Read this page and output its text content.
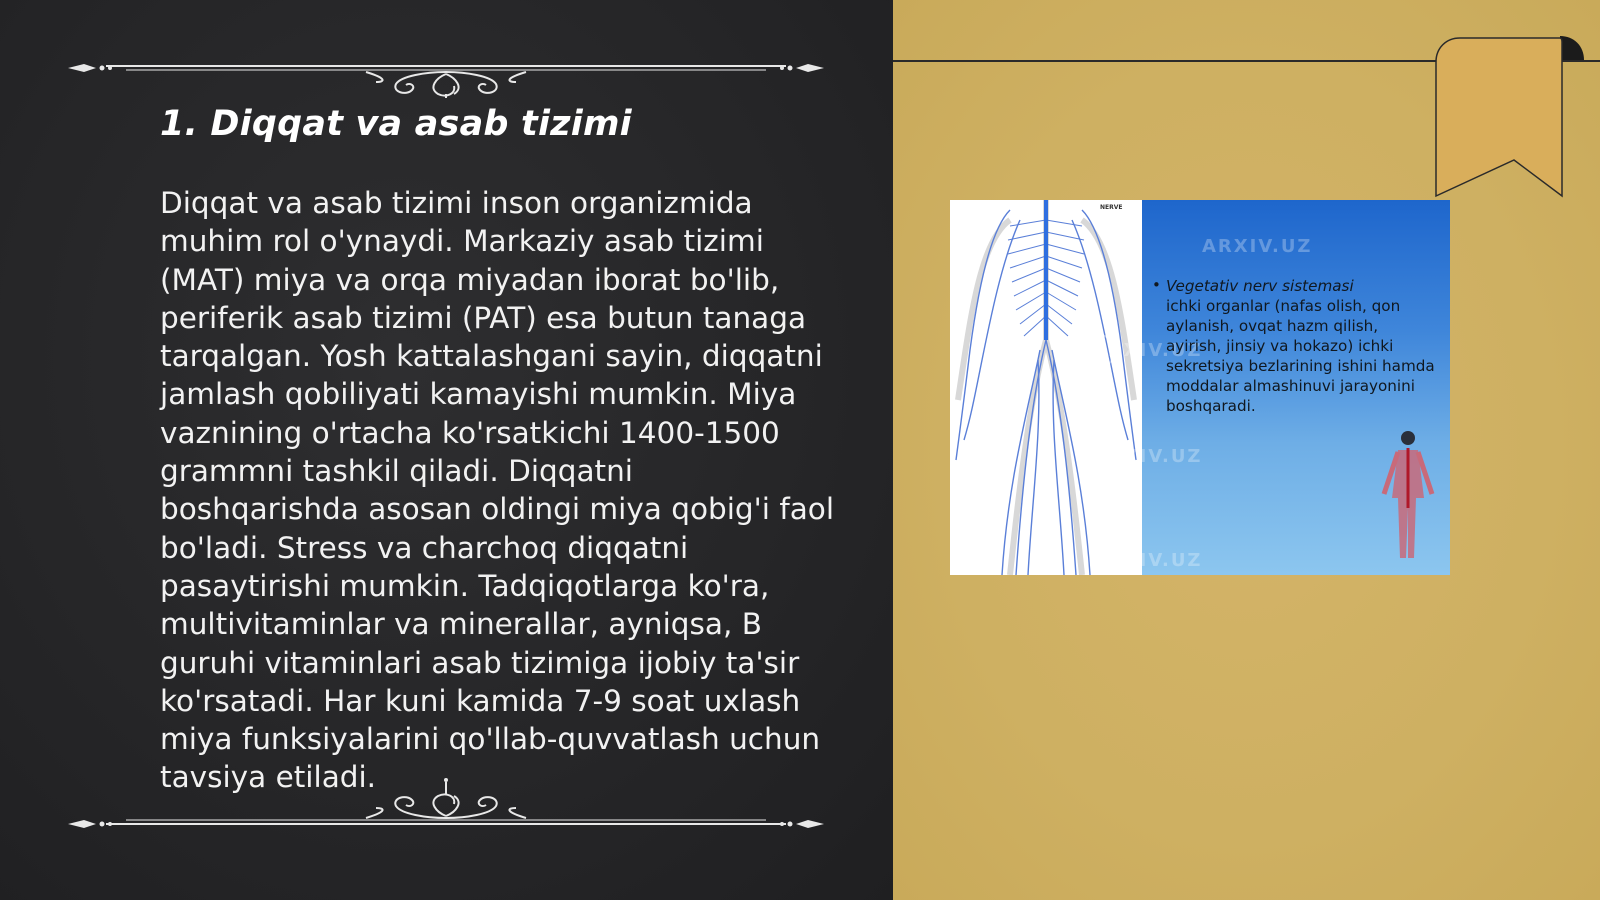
1. Diqqat va asab tizimi

Diqqat va asab tizimi inson organizmida muhim rol o'ynaydi. Markaziy asab tizimi (MAT) miya va orqa miyadan iborat bo'lib, periferik asab tizimi (PAT) esa butun tanaga tarqalgan. Yosh kattalashgani sayin, diqqatni jamlash qobiliyati kamayishi mumkin. Miya vaznining o'rtacha ko'rsatkichi 1400-1500 grammni tashkil qiladi. Diqqatni boshqarishda asosan oldingi miya qobig'i faol bo'ladi. Stress va charchoq diqqatni pasaytirishi mumkin. Tadqiqotlarga ko'ra, multivitaminlar va minerallar, ayniqsa, B guruhi vitaminlari asab tizimiga ijobiy ta'sir ko'rsatadi. Har kuni kamida 7-9 soat uxlash miya funksiyalarini qo'llab-quvvatlash uchun tavsiya etiladi.

NERVE
ARXIV.UZ
ARXIV.UZ
ARXIV.UZ
ARXIV.UZ
• Vegetativ nerv sistemasi
ichki organlar (nafas olish, qon aylanish, ovqat hazm qilish, ayirish, jinsiy va hokazo) ichki sekretsiya bezlarining ishini hamda moddalar almashinuvi jarayonini boshqaradi.
